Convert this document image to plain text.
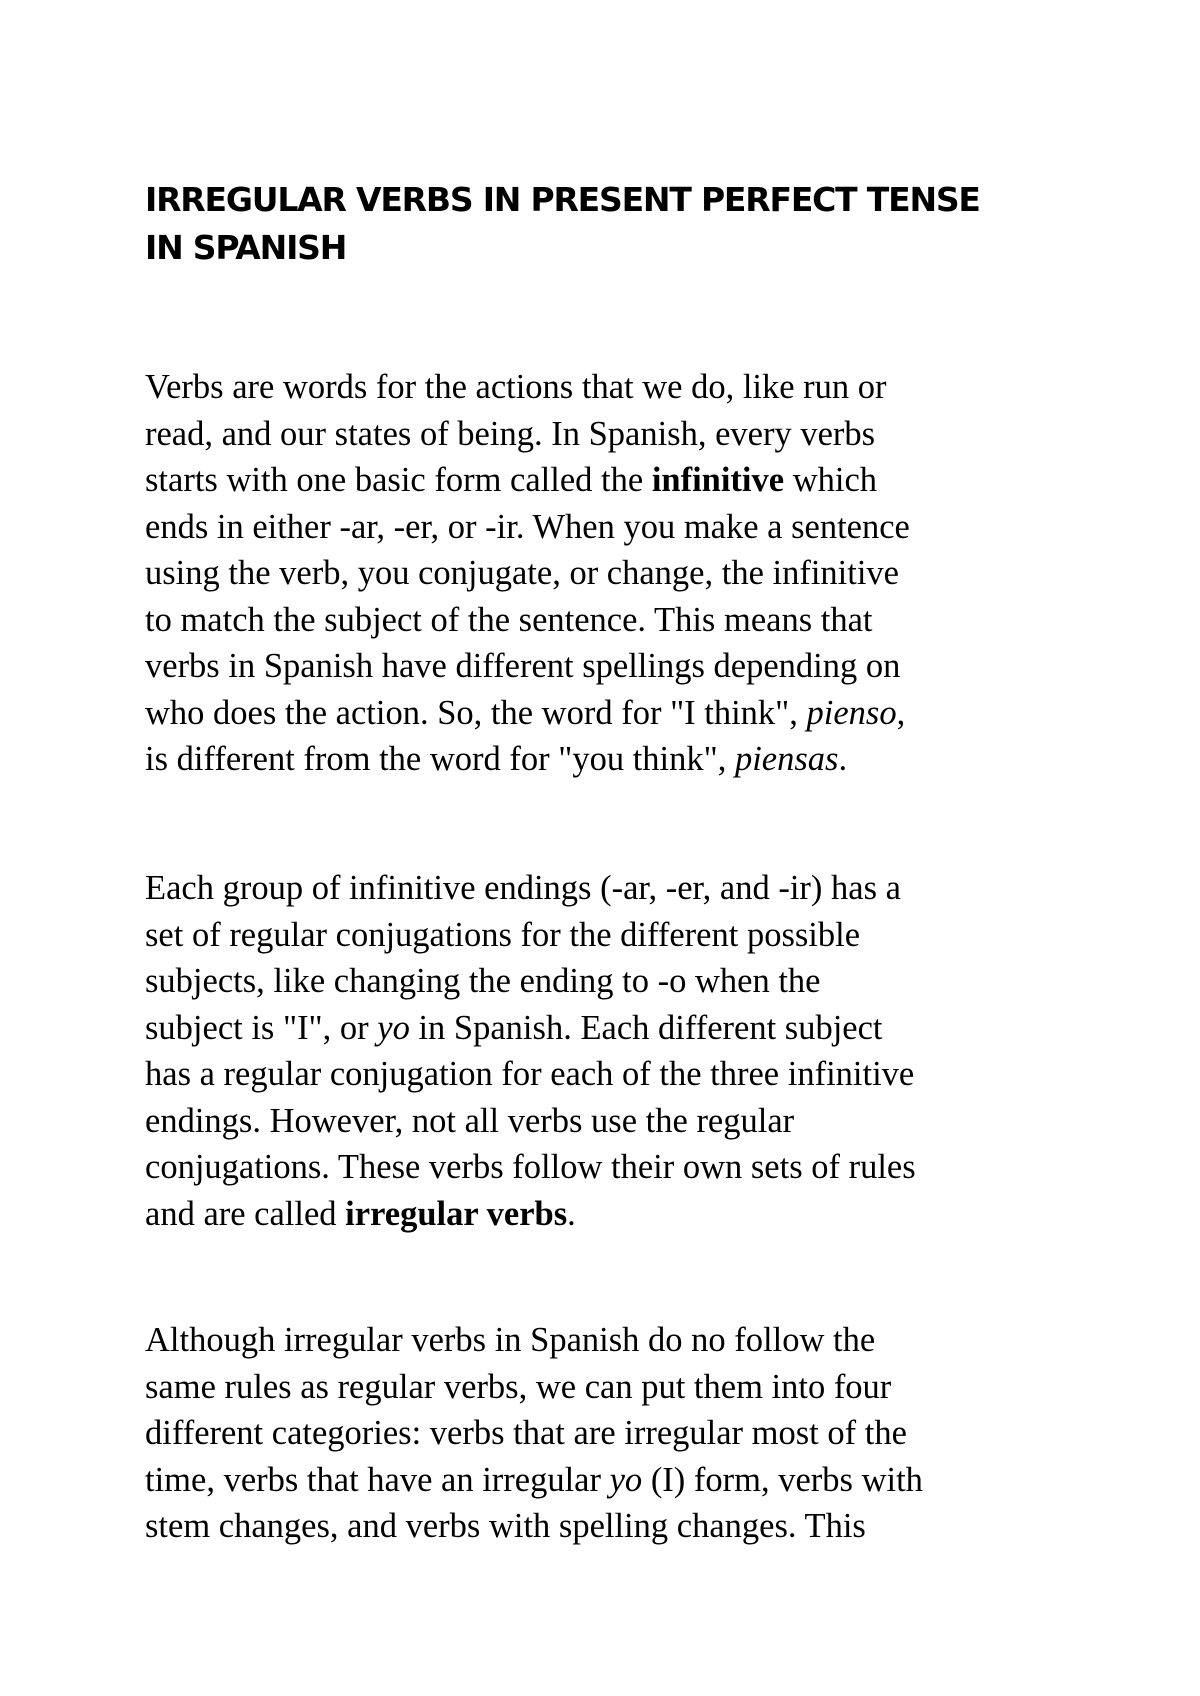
IRREGULAR VERBS IN PRESENT PERFECT TENSE
IN SPANISH

Verbs are words for the actions that we do, like run or
read, and our states of being. In Spanish, every verbs
starts with one basic form called the infinitive which
ends in either -ar, -er, or -ir. When you make a sentence
using the verb, you conjugate, or change, the infinitive
to match the subject of the sentence. This means that
verbs in Spanish have different spellings depending on
who does the action. So, the word for "I think", pienso,
is different from the word for "you think", piensas.

Each group of infinitive endings (-ar, -er, and -ir) has a
set of regular conjugations for the different possible
subjects, like changing the ending to -o when the
subject is "I", or yo in Spanish. Each different subject
has a regular conjugation for each of the three infinitive
endings. However, not all verbs use the regular
conjugations. These verbs follow their own sets of rules
and are called irregular verbs.

Although irregular verbs in Spanish do no follow the
same rules as regular verbs, we can put them into four
different categories: verbs that are irregular most of the
time, verbs that have an irregular yo (I) form, verbs with
stem changes, and verbs with spelling changes. This
